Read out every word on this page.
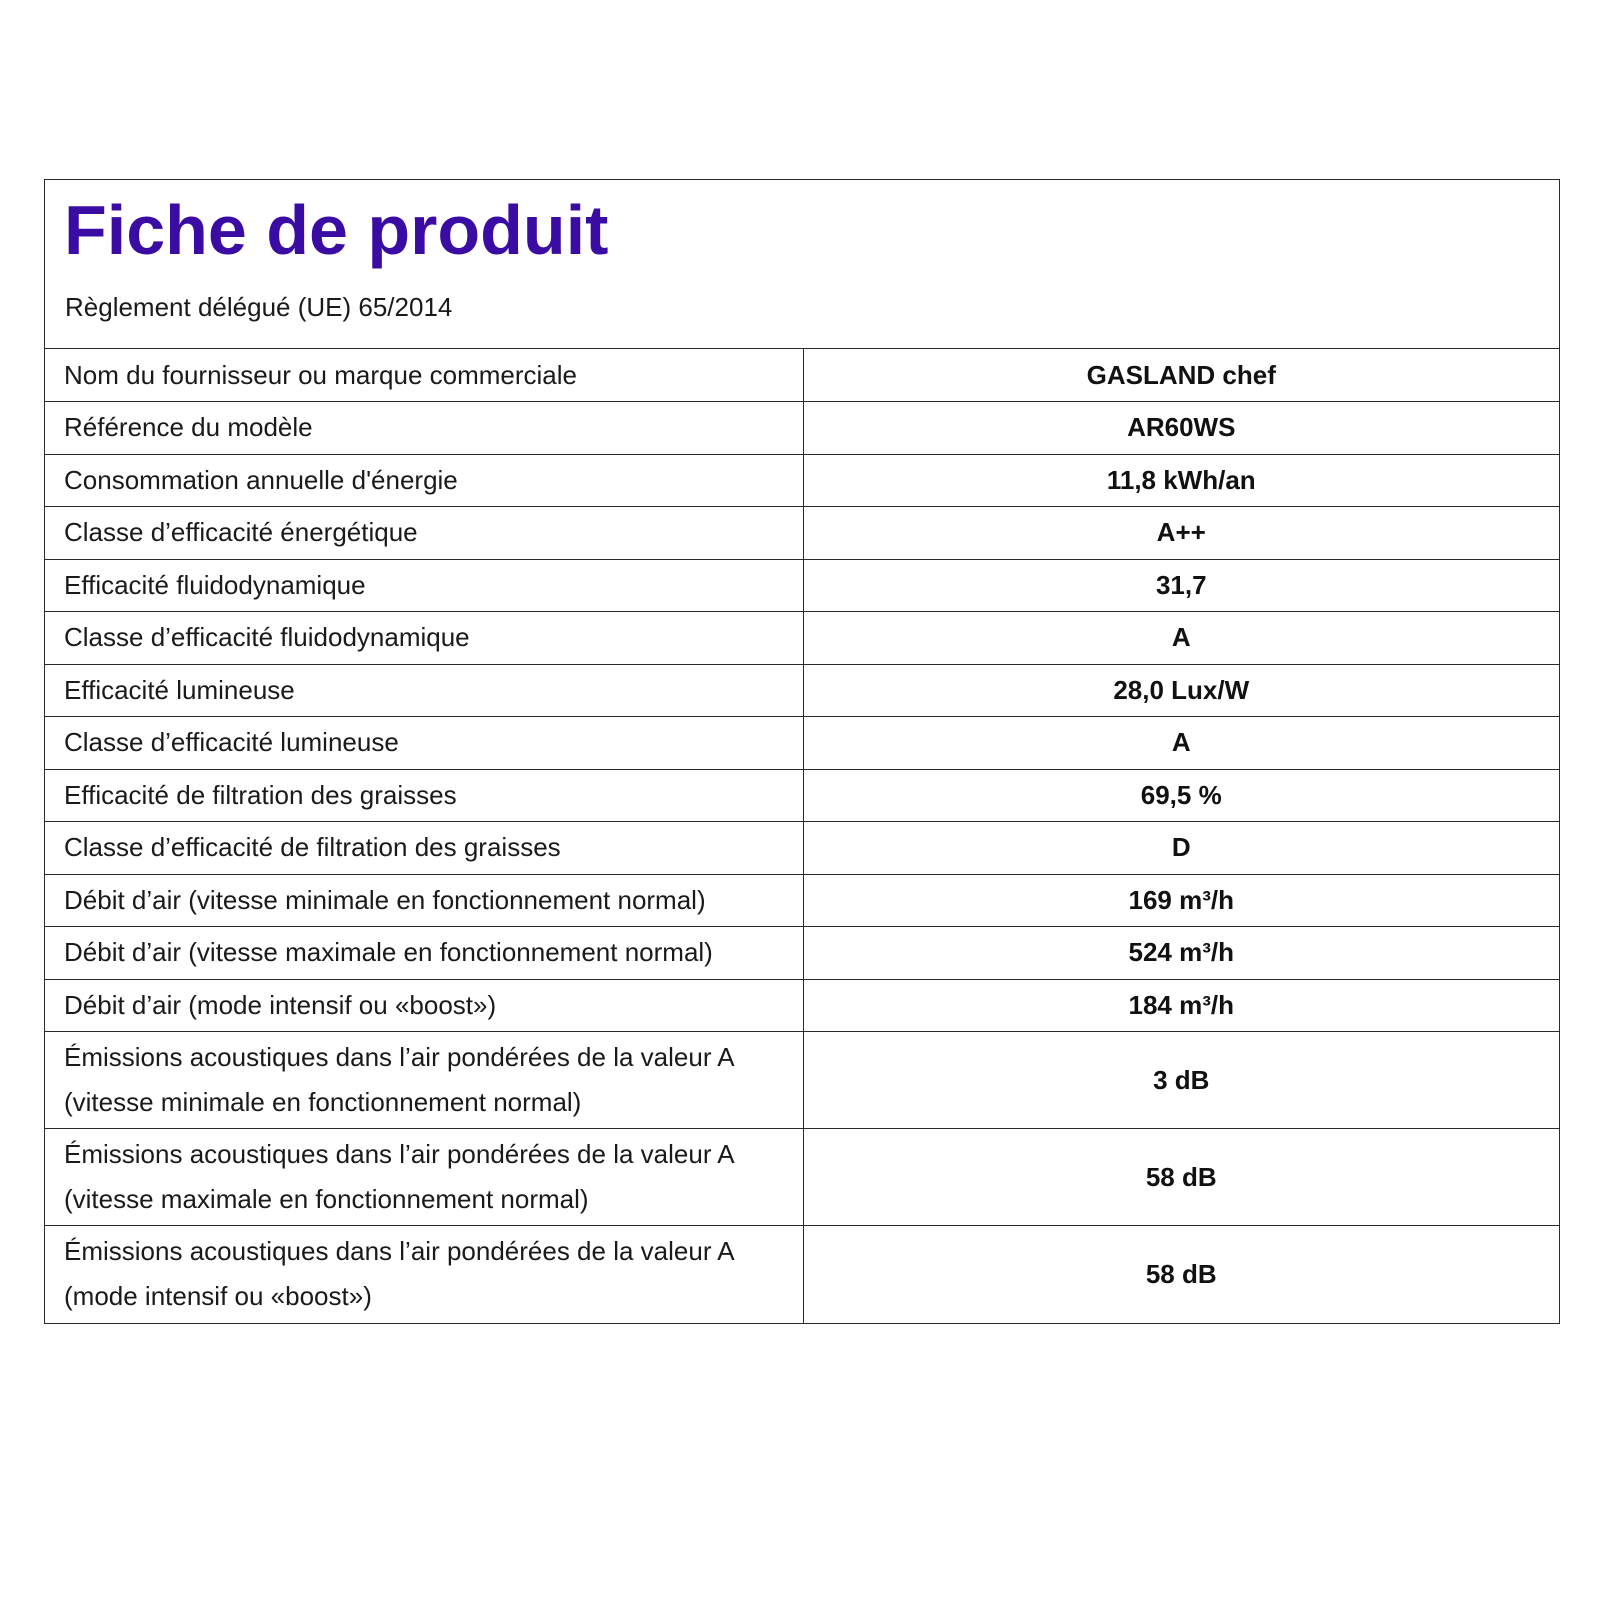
Fiche de produit
Règlement délégué (UE) 65/2014
Nom du fournisseur ou marque commerciale	GASLAND chef
Référence du modèle	AR60WS
Consommation annuelle d'énergie	11,8 kWh/an
Classe d’efficacité énergétique	A++
Efficacité fluidodynamique	31,7
Classe d’efficacité fluidodynamique	A
Efficacité lumineuse	28,0 Lux/W
Classe d’efficacité lumineuse	A
Efficacité de filtration des graisses	69,5 %
Classe d’efficacité de filtration des graisses	D
Débit d’air (vitesse minimale en fonctionnement normal)	169 m³/h
Débit d’air (vitesse maximale en fonctionnement normal)	524 m³/h
Débit d’air (mode intensif ou «boost»)	184 m³/h
Émissions acoustiques dans l’air pondérées de la valeur A (vitesse minimale en fonctionnement normal)	3 dB
Émissions acoustiques dans l’air pondérées de la valeur A (vitesse maximale en fonctionnement normal)	58 dB
Émissions acoustiques dans l’air pondérées de la valeur A (mode intensif ou «boost»)	58 dB
